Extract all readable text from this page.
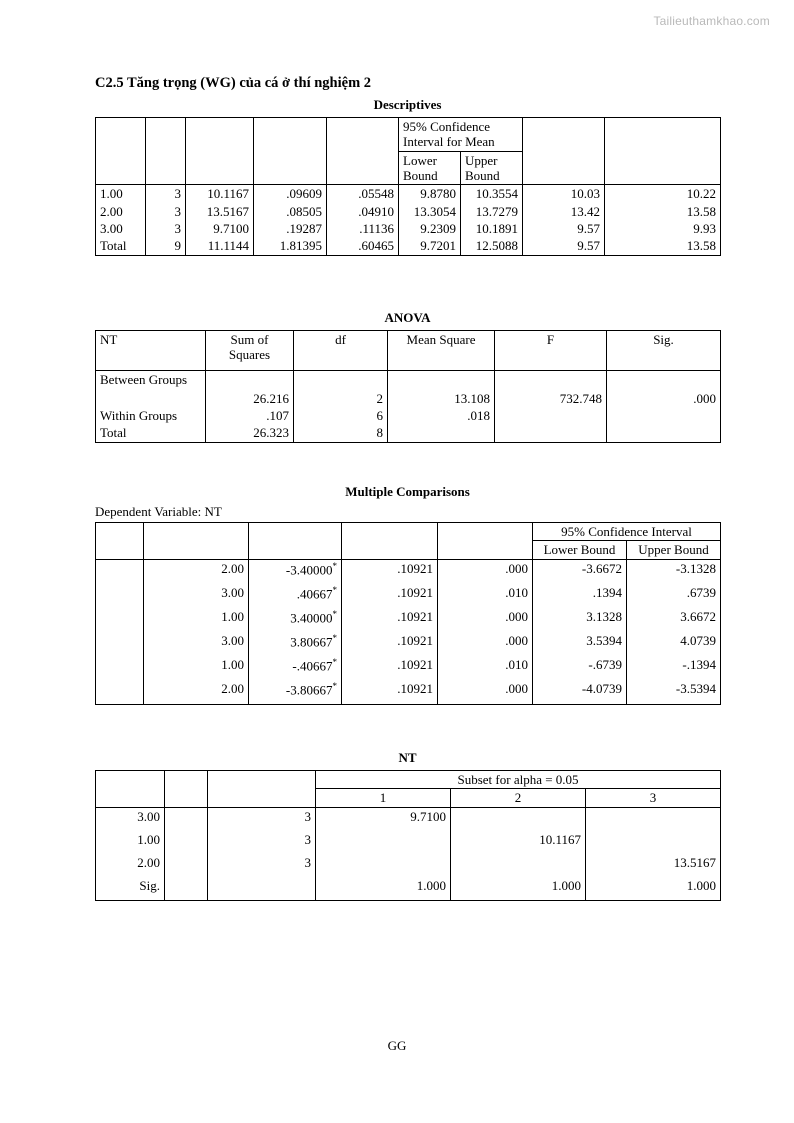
Tailieuthamkhao.com
C2.5 Tăng trọng (WG) của cá ở thí nghiệm 2
Descriptives
					95% Confidence Interval for Mean			
					Lower Bound	Upper Bound		
1.00	3	10.1167	.09609	.05548	9.8780	10.3554	10.03	10.22
2.00	3	13.5167	.08505	.04910	13.3054	13.7279	13.42	13.58
3.00	3	9.7100	.19287	.11136	9.2309	10.1891	9.57	9.93
Total	9	11.1144	1.81395	.60465	9.7201	12.5088	9.57	13.58
ANOVA
NT	Sum of Squares	df	Mean Square	F	Sig.
Between Groups	26.216	2	13.108	732.748	.000
Within Groups	.107	6	.018		
Total	26.323	8			
Multiple Comparisons
Dependent Variable: NT
					95% Confidence Interval	
					Lower Bound	Upper Bound
	2.00	-3.40000*	.10921	.000	-3.6672	-3.1328
	3.00	.40667*	.10921	.010	.1394	.6739
	1.00	3.40000*	.10921	.000	3.1328	3.6672
	3.00	3.80667*	.10921	.000	3.5394	4.0739
	1.00	-.40667*	.10921	.010	-.6739	-.1394
	2.00	-3.80667*	.10921	.000	-4.0739	-3.5394
NT
			Subset for alpha = 0.05		
			1	2	3
3.00		3	9.7100		
1.00		3		10.1167	
2.00		3			13.5167
Sig.			1.000	1.000	1.000
GG
